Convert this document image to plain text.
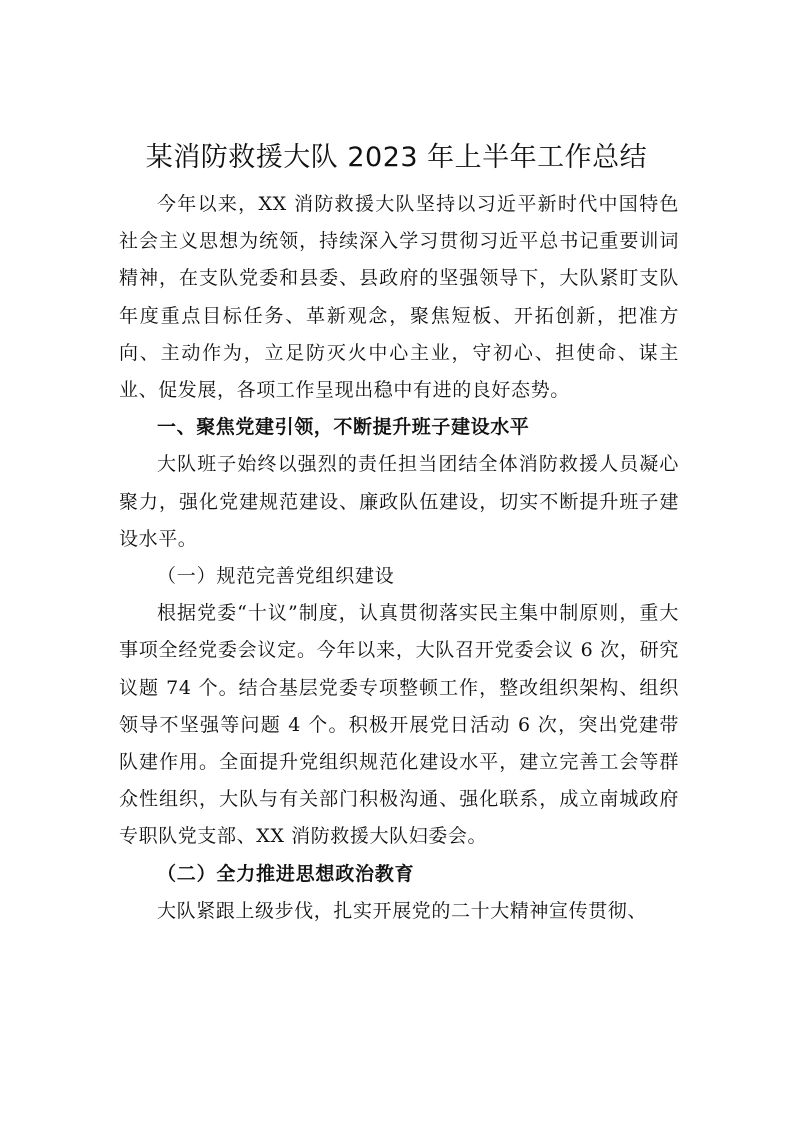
某消防救援大队 2023 年上半年工作总结

今年以来，XX 消防救援大队坚持以习近平新时代中国特色社会主义思想为统领，持续深入学习贯彻习近平总书记重要训词精神，在支队党委和县委、县政府的坚强领导下，大队紧盯支队年度重点目标任务、革新观念，聚焦短板、开拓创新，把准方向、主动作为，立足防灭火中心主业，守初心、担使命、谋主业、促发展，各项工作呈现出稳中有进的良好态势。

一、聚焦党建引领，不断提升班子建设水平

大队班子始终以强烈的责任担当团结全体消防救援人员凝心聚力，强化党建规范建设、廉政队伍建设，切实不断提升班子建设水平。

（一）规范完善党组织建设

根据党委“十议”制度，认真贯彻落实民主集中制原则，重大事项全经党委会议定。今年以来，大队召开党委会议 6 次，研究议题 74 个。结合基层党委专项整顿工作，整改组织架构、组织领导不坚强等问题 4 个。积极开展党日活动 6 次，突出党建带队建作用。全面提升党组织规范化建设水平，建立完善工会等群众性组织，大队与有关部门积极沟通、强化联系，成立南城政府专职队党支部、XX 消防救援大队妇委会。

（二）全力推进思想政治教育

大队紧跟上级步伐，扎实开展党的二十大精神宣传贯彻、
